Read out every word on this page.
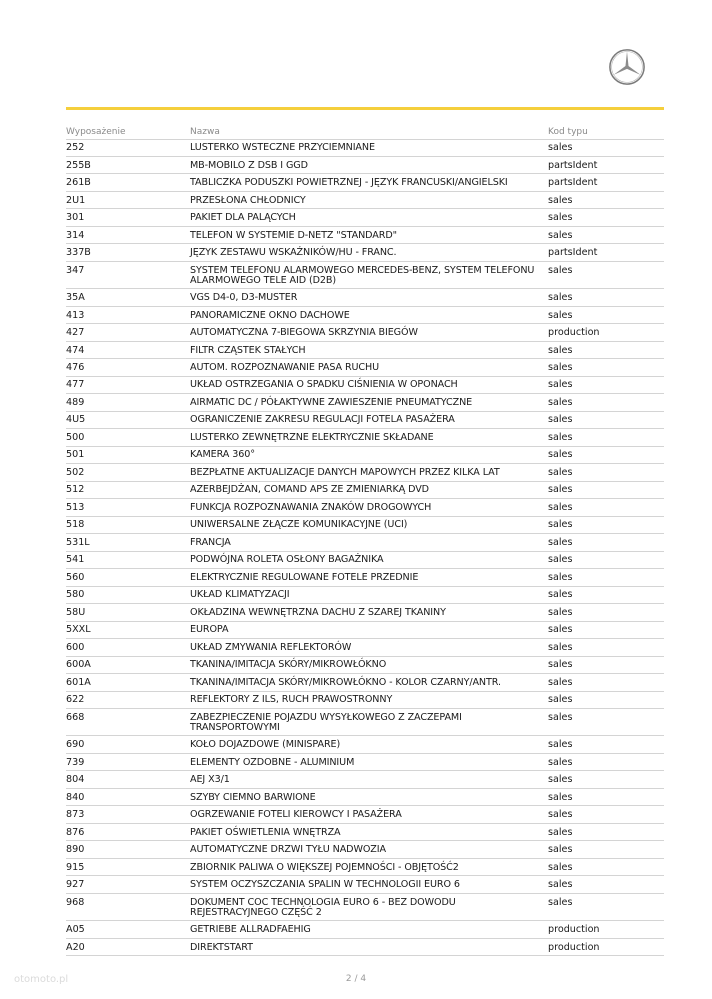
Wyposażenie	Nazwa	Kod typu
252	LUSTERKO WSTECZNE PRZYCIEMNIANE	sales
255B	MB-MOBILO Z DSB I GGD	partsIdent
261B	TABLICZKA PODUSZKI POWIETRZNEJ - JĘZYK FRANCUSKI/ANGIELSKI	partsIdent
2U1	PRZESŁONA CHŁODNICY	sales
301	PAKIET DLA PALĄCYCH	sales
314	TELEFON W SYSTEMIE D-NETZ "STANDARD"	sales
337B	JĘZYK ZESTAWU WSKAŹNIKÓW/HU - FRANC.	partsIdent
347	SYSTEM TELEFONU ALARMOWEGO MERCEDES-BENZ, SYSTEM TELEFONU ALARMOWEGO TELE AID (D2B)	sales
35A	VGS D4-0, D3-MUSTER	sales
413	PANORAMICZNE OKNO DACHOWE	sales
427	AUTOMATYCZNA 7-BIEGOWA SKRZYNIA BIEGÓW	production
474	FILTR CZĄSTEK STAŁYCH	sales
476	AUTOM. ROZPOZNAWANIE PASA RUCHU	sales
477	UKŁAD OSTRZEGANIA O SPADKU CIŚNIENIA W OPONACH	sales
489	AIRMATIC DC / PÓŁAKTYWNE ZAWIESZENIE PNEUMATYCZNE	sales
4U5	OGRANICZENIE ZAKRESU REGULACJI FOTELA PASAŻERA	sales
500	LUSTERKO ZEWNĘTRZNE ELEKTRYCZNIE SKŁADANE	sales
501	KAMERA 360°	sales
502	BEZPŁATNE AKTUALIZACJE DANYCH MAPOWYCH PRZEZ KILKA LAT	sales
512	AZERBEJDŻAN, COMAND APS ZE ZMIENIARKĄ DVD	sales
513	FUNKCJA ROZPOZNAWANIA ZNAKÓW DROGOWYCH	sales
518	UNIWERSALNE ZŁĄCZE KOMUNIKACYJNE (UCI)	sales
531L	FRANCJA	sales
541	PODWÓJNA ROLETA OSŁONY BAGAŻNIKA	sales
560	ELEKTRYCZNIE REGULOWANE FOTELE PRZEDNIE	sales
580	UKŁAD KLIMATYZACJI	sales
58U	OKŁADZINA WEWNĘTRZNA DACHU Z SZAREJ TKANINY	sales
5XXL	EUROPA	sales
600	UKŁAD ZMYWANIA REFLEKTORÓW	sales
600A	TKANINA/IMITACJA SKÓRY/MIKROWŁÓKNO	sales
601A	TKANINA/IMITACJA SKÓRY/MIKROWŁÓKNO - KOLOR CZARNY/ANTR.	sales
622	REFLEKTORY Z ILS, RUCH PRAWOSTRONNY	sales
668	ZABEZPIECZENIE POJAZDU WYSYŁKOWEGO Z ZACZEPAMI TRANSPORTOWYMI	sales
690	KOŁO DOJAZDOWE (MINISPARE)	sales
739	ELEMENTY OZDOBNE - ALUMINIUM	sales
804	AEJ X3/1	sales
840	SZYBY CIEMNO BARWIONE	sales
873	OGRZEWANIE FOTELI KIEROWCY I PASAŻERA	sales
876	PAKIET OŚWIETLENIA WNĘTRZA	sales
890	AUTOMATYCZNE DRZWI TYŁU NADWOZIA	sales
915	ZBIORNIK PALIWA O WIĘKSZEJ POJEMNOŚCI - OBJĘTOŚĆ2	sales
927	SYSTEM OCZYSZCZANIA SPALIN W TECHNOLOGII EURO 6	sales
968	DOKUMENT COC TECHNOLOGIA EURO 6 - BEZ DOWODU REJESTRACYJNEGO CZĘŚĆ 2	sales
A05	GETRIEBE ALLRADFAEHIG	production
A20	DIREKTSTART	production
2 / 4
otomoto.pl
